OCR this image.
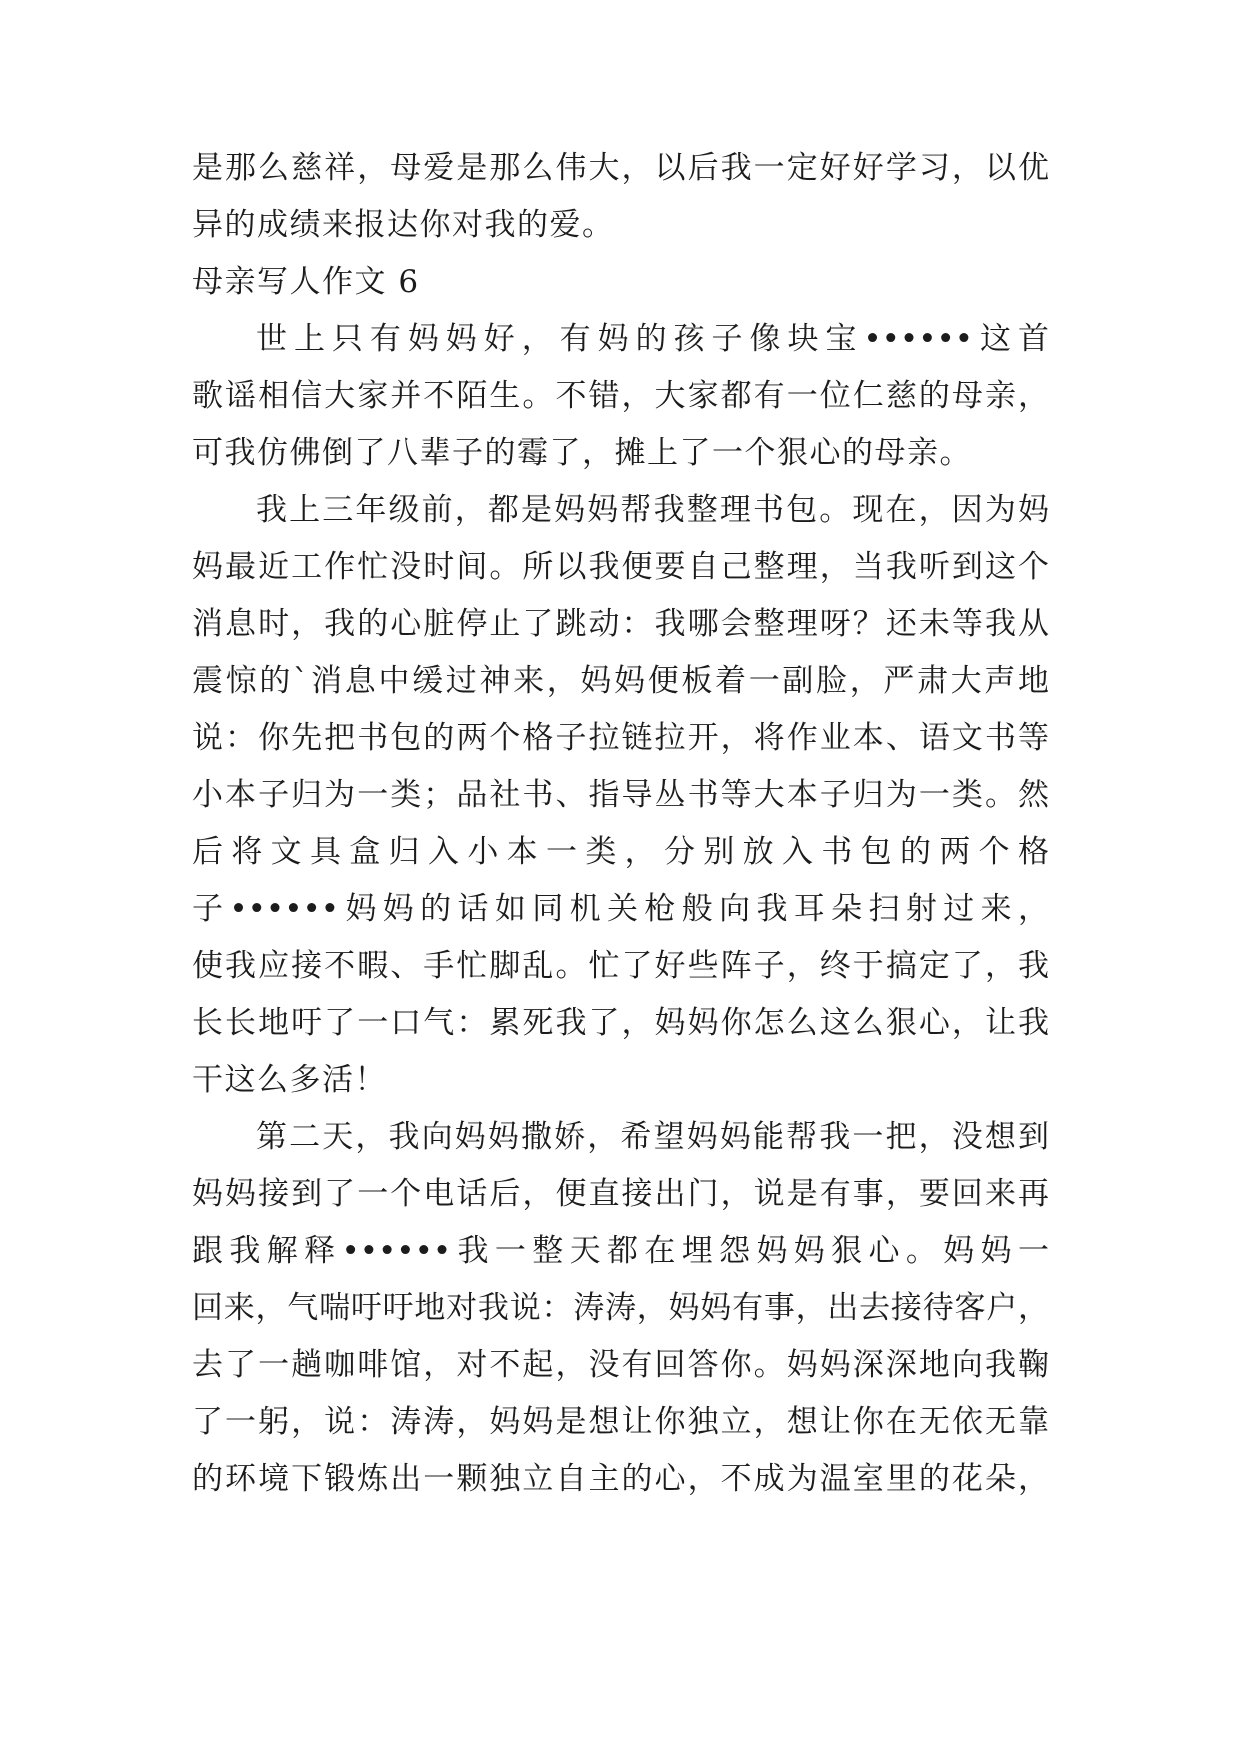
是那么慈祥，母爱是那么伟大，以后我一定好好学习，以优
异的成绩来报达你对我的爱。
母亲写人作文 6
世上只有妈妈好，有妈的孩子像块宝••••••这首
歌谣相信大家并不陌生。不错，大家都有一位仁慈的母亲，
可我仿佛倒了八辈子的霉了，摊上了一个狠心的母亲。
我上三年级前，都是妈妈帮我整理书包。现在，因为妈
妈最近工作忙没时间。所以我便要自己整理，当我听到这个
消息时，我的心脏停止了跳动：我哪会整理呀？还未等我从
震惊的`消息中缓过神来，妈妈便板着一副脸，严肃大声地
说：你先把书包的两个格子拉链拉开，将作业本、语文书等
小本子归为一类；品社书、指导丛书等大本子归为一类。然
后将文具盒归入小本一类，分别放入书包的两个格
子••••••妈妈的话如同机关枪般向我耳朵扫射过来，
使我应接不暇、手忙脚乱。忙了好些阵子，终于搞定了，我
长长地吁了一口气：累死我了，妈妈你怎么这么狠心，让我
干这么多活！
第二天，我向妈妈撒娇，希望妈妈能帮我一把，没想到
妈妈接到了一个电话后，便直接出门，说是有事，要回来再
跟我解释••••••我一整天都在埋怨妈妈狠心。妈妈一
回来，气喘吁吁地对我说：涛涛，妈妈有事，出去接待客户，
去了一趟咖啡馆，对不起，没有回答你。妈妈深深地向我鞠
了一躬，说：涛涛，妈妈是想让你独立，想让你在无依无靠
的环境下锻炼出一颗独立自主的心，不成为温室里的花朵，
